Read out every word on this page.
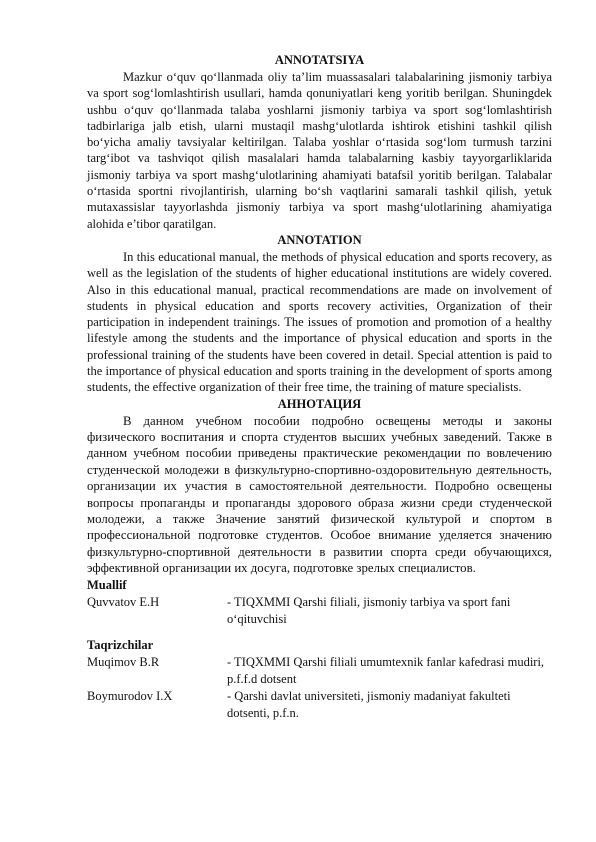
ANNOTATSIYA

Mazkur o‘quv qo‘llanmada oliy ta’lim muassasalari talabalarining jismoniy tarbiya va sport sog‘lomlashtirish usullari, hamda qonuniyatlari keng yoritib berilgan. Shuningdek ushbu o‘quv qo‘llanmada talaba yoshlarni jismoniy tarbiya va sport sog‘lomlashtirish tadbirlariga jalb etish, ularni mustaqil mashg‘ulotlarda ishtirok etishini tashkil qilish bo‘yicha amaliy tavsiyalar keltirilgan. Talaba yoshlar o‘rtasida sog‘lom turmush tarzini targ‘ibot va tashviqot qilish masalalari hamda talabalarning kasbiy tayyorgarliklarida jismoniy tarbiya va sport mashg‘ulotlarining ahamiyati batafsil yoritib berilgan. Talabalar o‘rtasida sportni rivojlantirish, ularning bo‘sh vaqtlarini samarali tashkil qilish, yetuk mutaxassislar tayyorlashda jismoniy tarbiya va sport mashg‘ulotlarining ahamiyatiga alohida e’tibor qaratilgan.

ANNOTATION

In this educational manual, the methods of physical education and sports recovery, as well as the legislation of the students of higher educational institutions are widely covered. Also in this educational manual, practical recommendations are made on involvement of students in physical education and sports recovery activities, Organization of their participation in independent trainings. The issues of promotion and promotion of a healthy lifestyle among the students and the importance of physical education and sports in the professional training of the students have been covered in detail. Special attention is paid to the importance of physical education and sports training in the development of sports among students, the effective organization of their free time, the training of mature specialists.

АННОТАЦИЯ

В данном учебном пособии подробно освещены методы и законы физического воспитания и спорта студентов высших учебных заведений. Также в данном учебном пособии приведены практические рекомендации по вовлечению студенческой молодежи в физкультурно-спортивно-оздоровительную деятельность, организации их участия в самостоятельной деятельности. Подробно освещены вопросы пропаганды и пропаганды здорового образа жизни среди студенческой молодежи, а также Значение занятий физической культурой и спортом в профессиональной подготовке студентов. Особое внимание уделяется значению физкультурно-спортивной деятельности в развитии спорта среди обучающихся, эффективной организации их досуга, подготовке зрелых специалистов.

Muallif
Quvvatov E.H	- TIQXMMI Qarshi filiali, jismoniy tarbiya va sport fani o‘qituvchisi
Taqrizchilar
Muqimov B.R	- TIQXMMI Qarshi filiali umumtexnik fanlar kafedrasi mudiri, p.f.f.d dotsent
Boymurodov I.X	- Qarshi davlat universiteti, jismoniy madaniyat fakulteti dotsenti, p.f.n.
